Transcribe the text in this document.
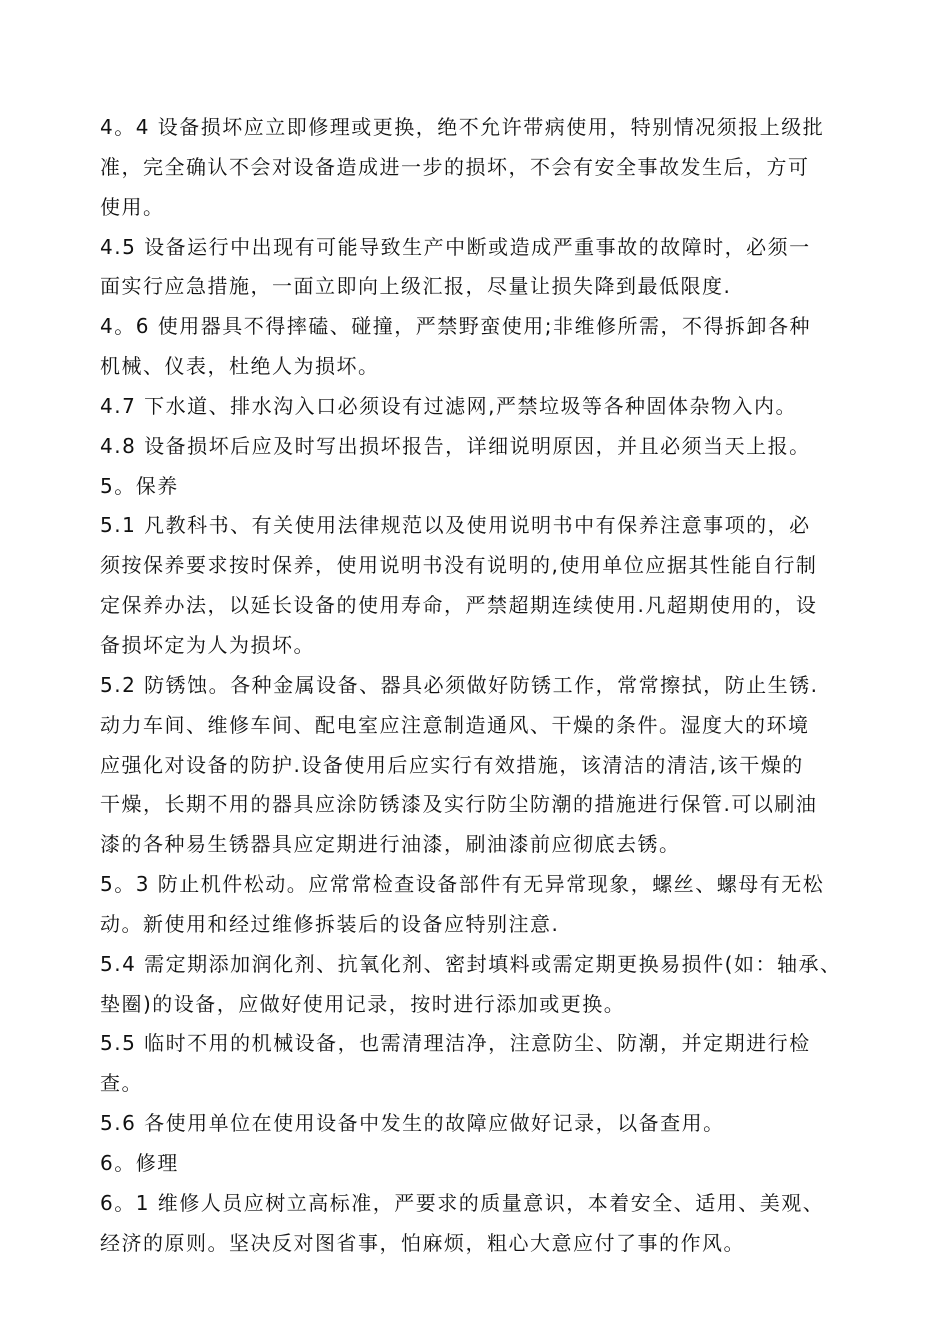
4。4 设备损坏应立即修理或更换，绝不允许带病使用，特别情况须报上级批
准，完全确认不会对设备造成进一步的损坏，不会有安全事故发生后，方可
使用。
4.5 设备运行中出现有可能导致生产中断或造成严重事故的故障时，必须一
面实行应急措施，一面立即向上级汇报，尽量让损失降到最低限度.
4。6 使用器具不得摔磕、碰撞，严禁野蛮使用;非维修所需，不得拆卸各种
机械、仪表，杜绝人为损坏。
4.7 下水道、排水沟入口必须设有过滤网,严禁垃圾等各种固体杂物入内。
4.8 设备损坏后应及时写出损坏报告，详细说明原因，并且必须当天上报。
5。保养
5.1 凡教科书、有关使用法律规范以及使用说明书中有保养注意事项的，必
须按保养要求按时保养，使用说明书没有说明的,使用单位应据其性能自行制
定保养办法，以延长设备的使用寿命，严禁超期连续使用.凡超期使用的，设
备损坏定为人为损坏。
5.2 防锈蚀。各种金属设备、器具必须做好防锈工作，常常擦拭，防止生锈.
动力车间、维修车间、配电室应注意制造通风、干燥的条件。湿度大的环境
应强化对设备的防护.设备使用后应实行有效措施，该清洁的清洁,该干燥的
干燥，长期不用的器具应涂防锈漆及实行防尘防潮的措施进行保管.可以刷油
漆的各种易生锈器具应定期进行油漆，刷油漆前应彻底去锈。
5。3 防止机件松动。应常常检查设备部件有无异常现象，螺丝、螺母有无松
动。新使用和经过维修拆装后的设备应特别注意.
5.4 需定期添加润化剂、抗氧化剂、密封填料或需定期更换易损件(如：轴承、
垫圈)的设备，应做好使用记录，按时进行添加或更换。
5.5 临时不用的机械设备，也需清理洁净，注意防尘、防潮，并定期进行检
查。
5.6 各使用单位在使用设备中发生的故障应做好记录，以备查用。
6。修理
6。1 维修人员应树立高标准，严要求的质量意识，本着安全、适用、美观、
经济的原则。坚决反对图省事，怕麻烦，粗心大意应付了事的作风。
